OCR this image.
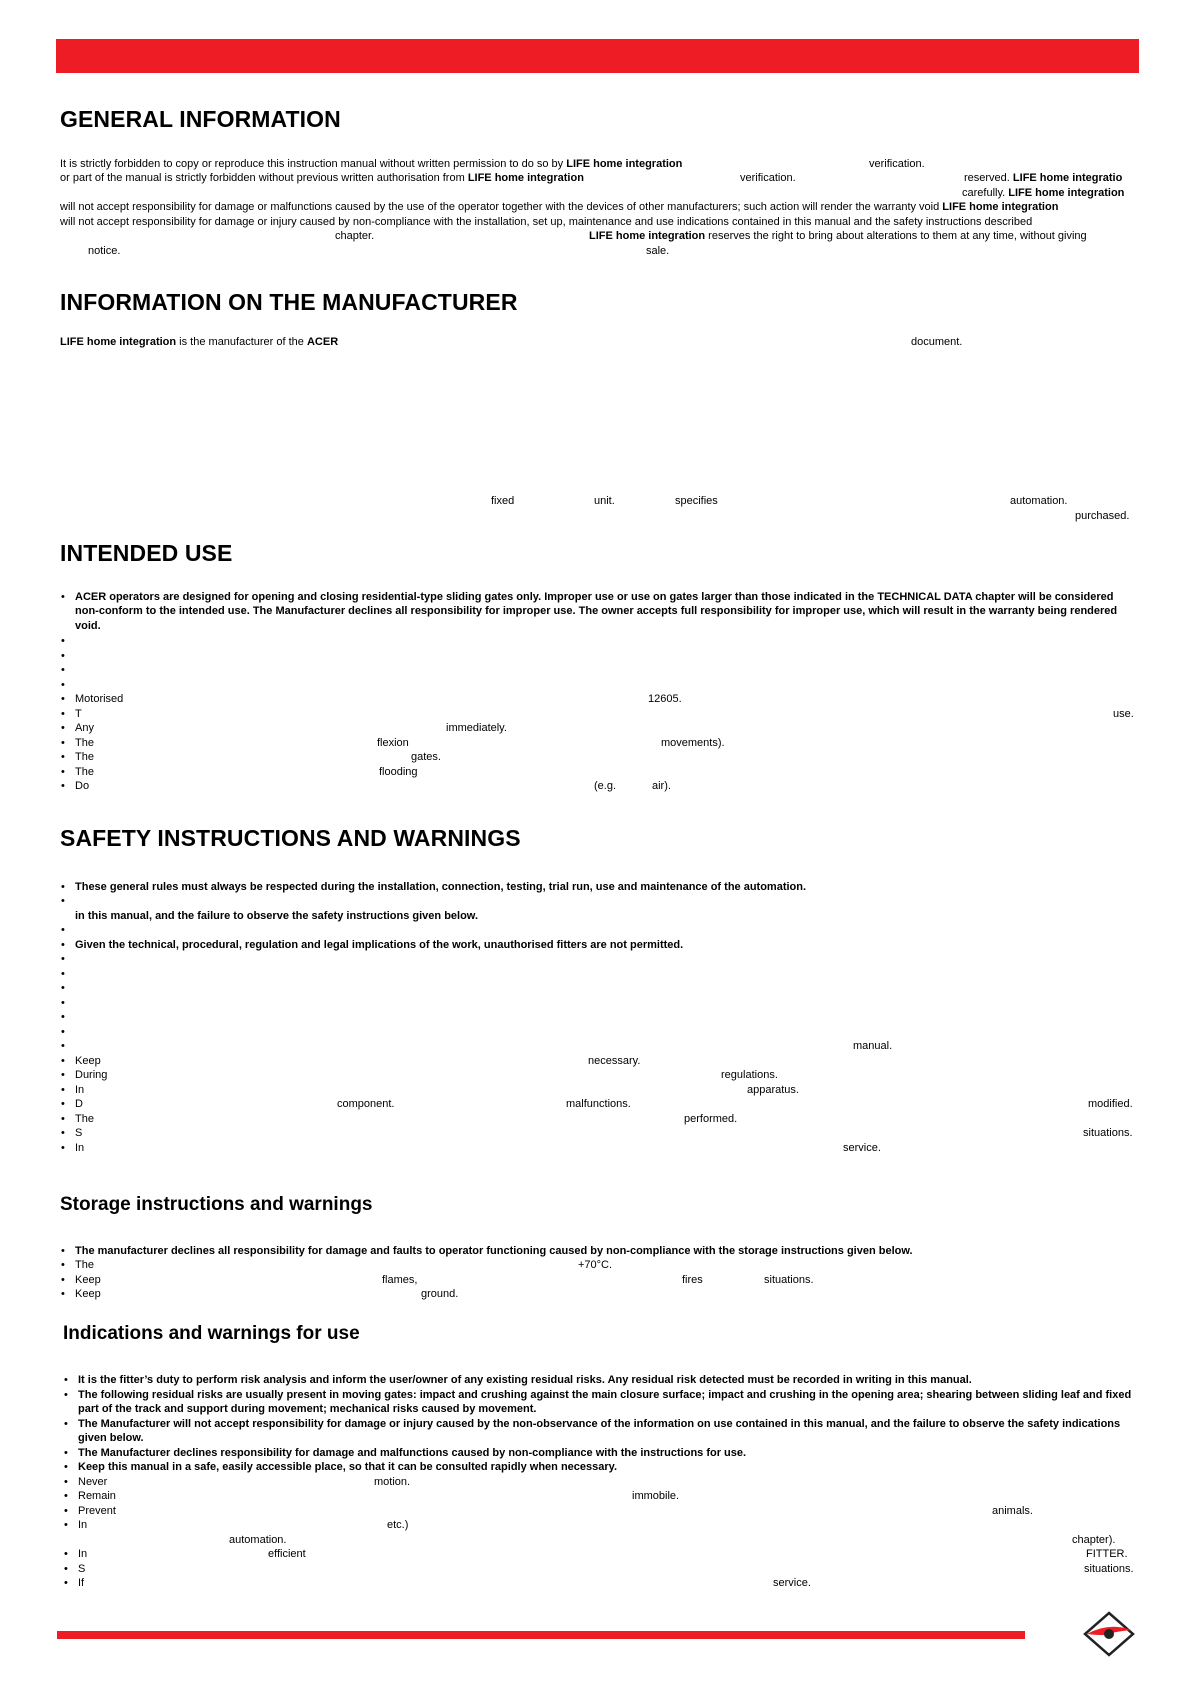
GENERAL INFORMATION
It is strictly forbidden to copy or reproduce this instruction manual without written permission to do so by LIFE home integration	verification.
or part of the manual is strictly forbidden without previous written authorisation from LIFE home integration	verification.	reserved. LIFE home integratio
carefully. LIFE home integration
will not accept responsibility for damage or malfunctions caused by the use of the operator together with the devices of other manufacturers; such action will render the warranty void LIFE home integration
will not accept responsibility for damage or injury caused by non-compliance with the installation, set up, maintenance and use indications contained in this manual and the safety instructions described
chapter.	LIFE home integration reserves the right to bring about alterations to them at any time, without giving
notice.	sale.
INFORMATION ON THE MANUFACTURER
LIFE home integration is the manufacturer of the ACER	document.
fixed	unit.	specifies	automation.
purchased.
INTENDED USE
• ACER operators are designed for opening and closing residential-type sliding gates only. Improper use or use on gates larger than those indicated in the TECHNICAL DATA chapter will be considered non-conform to the intended use. The Manufacturer declines all responsibility for improper use. The owner accepts full responsibility for improper use, which will result in the warranty being rendered void.
•
•
•
•
• Motorised	12605.
• T	use.
• Any	immediately.
• The	flexion	movements).
• The	gates.
• The	flooding
• Do	(e.g.	air).
SAFETY INSTRUCTIONS AND WARNINGS
• These general rules must always be respected during the installation, connection, testing, trial run, use and maintenance of the automation.
•
in this manual, and the failure to observe the safety instructions given below.
•
• Given the technical, procedural, regulation and legal implications of the work, unauthorised fitters are not permitted.
•
•
•
•
•
•
•	manual.
• Keep	necessary.
• During	regulations.
• In	apparatus.
• D	component.	malfunctions.	modified.
• The	performed.
• S	situations.
• In	service.
Storage instructions and warnings
• The manufacturer declines all responsibility for damage and faults to operator functioning caused by non-compliance with the storage instructions given below.
• The	+70°C.
• Keep	flames,	fires	situations.
• Keep	ground.
Indications and warnings for use
• It is the fitter’s duty to perform risk analysis and inform the user/owner of any existing residual risks. Any residual risk detected must be recorded in writing in this manual.
• The following residual risks are usually present in moving gates: impact and crushing against the main closure surface; impact and crushing in the opening area; shearing between sliding leaf and fixed part of the track and support during movement; mechanical risks caused by movement.
• The Manufacturer will not accept responsibility for damage or injury caused by the non-observance of the information on use contained in this manual, and the failure to observe the safety indications given below.
• The Manufacturer declines responsibility for damage and malfunctions caused by non-compliance with the instructions for use.
• Keep this manual in a safe, easily accessible place, so that it can be consulted rapidly when necessary.
• Never	motion.
• Remain	immobile.
• Prevent	animals.
• In	etc.)
automation.	chapter).
• In	efficient	FITTER.
• S	situations.
• If	service.
